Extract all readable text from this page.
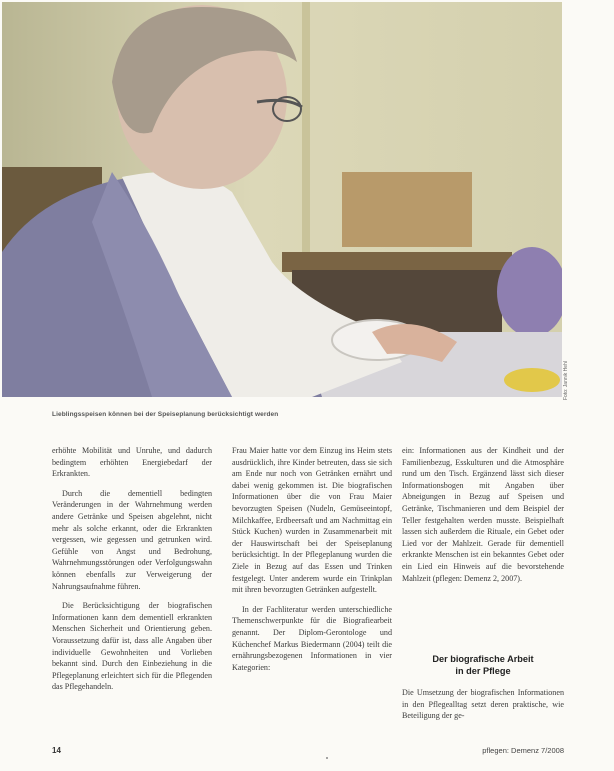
Foto: Jannik Hehl
Lieblingsspeisen können bei der Speiseplanung berücksichtigt werden

erhöhte Mobilität und Unruhe, und dadurch bedingtem erhöhten Energiebedarf der Erkrankten.

Durch die dementiell bedingten Veränderungen in der Wahrnehmung werden andere Getränke und Speisen abgelehnt, nicht mehr als solche erkannt, oder die Erkrankten vergessen, wie gegessen und getrunken wird. Gefühle von Angst und Bedrohung, Wahrnehmungsstörungen oder Verfolgungswahn können ebenfalls zur Verweigerung der Nahrungsaufnahme führen.

Die Berücksichtigung der biografischen Informationen kann dem dementiell erkrankten Menschen Sicherheit und Orientierung geben. Voraussetzung dafür ist, dass alle Angaben über individuelle Gewohnheiten und Vorlieben bekannt sind. Durch den Einbeziehung in die Pflegeplanung erleichtert sich für die Pflegenden das Pflegehandeln.

Frau Maier hatte vor dem Einzug ins Heim stets ausdrücklich, ihre Kinder betreuten, dass sie sich am Ende nur noch von Getränken ernährt und dabei wenig gekommen ist. Die biografischen Informationen über die von Frau Maier bevorzugten Speisen (Nudeln, Gemüseeintopf, Milchkaffee, Erdbeersaft und am Nachmittag ein Stück Kuchen) wurden in Zusammenarbeit mit der Hauswirtschaft bei der Speiseplanung berücksichtigt. In der Pflegeplanung wurden die Ziele in Bezug auf das Essen und Trinken festgelegt. Unter anderem wurde ein Trinkplan mit ihren bevorzugten Getränken aufgestellt.

In der Fachliteratur werden unterschiedliche Themenschwerpunkte für die Biografiearbeit genannt. Der Diplom-Gerontologe und Küchenchef Markus Biedermann (2004) teilt die ernährungsbezogenen Informationen in vier Kategorien:

ein: Informationen aus der Kindheit und der Familienbezug, Esskulturen und die Atmosphäre rund um den Tisch. Ergänzend lässt sich dieser Informationsbogen mit Angaben über Abneigungen in Bezug auf Speisen und Getränke, Tischmanieren und dem Beispiel der Teller festgehalten werden musste. Beispielhaft lassen sich außerdem die Rituale, ein Gebet oder Lied vor der Mahlzeit. Gerade für dementiell erkrankte Menschen ist ein bekanntes Gebet oder ein Lied ein Hinweis auf die bevorstehende Mahlzeit (pflegen: Demenz 2, 2007).

Der biografische Arbeit
in der Pflege
Die Umsetzung der biografischen Informationen in den Pflegealltag setzt deren praktische, wie Beteiligung der ge-
14	pflegen: Demenz 7/2008
